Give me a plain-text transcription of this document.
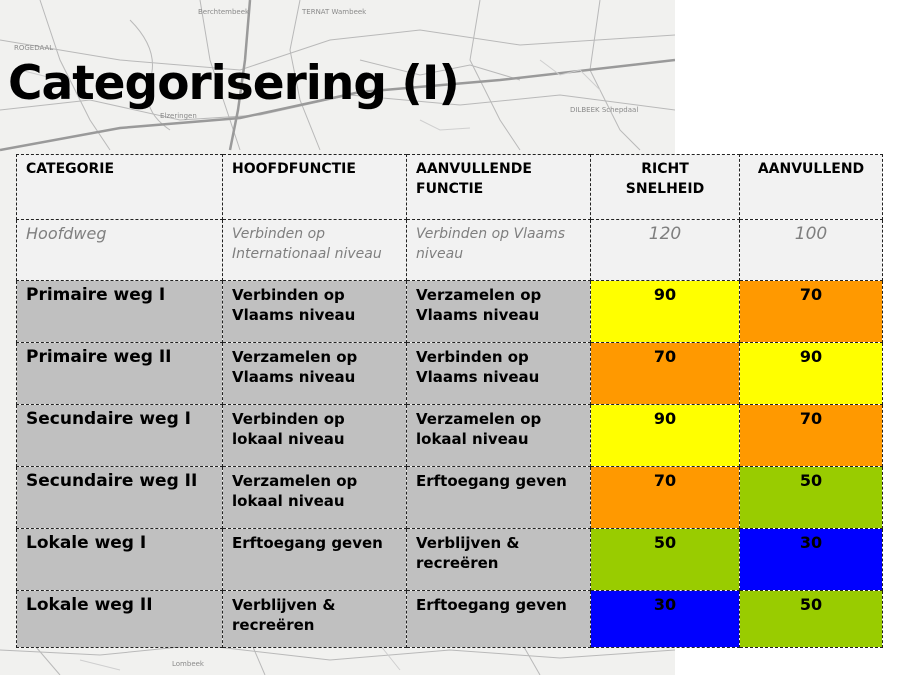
ROGEDAAL
Berchtembeek	TERNAT Wambeek
Elzeringen
DILBEEK Schepdaal
Lombeek
Categorisering (I)
CATEGORIE	HOOFDFUNCTIE	AANVULLENDE FUNCTIE	RICHT SNELHEID	AANVULLEND
Hoofdweg	Verbinden op Internationaal niveau	Verbinden op Vlaams niveau	120	100
Primaire weg I	Verbinden op Vlaams niveau	Verzamelen op Vlaams niveau	90	70
Primaire weg II	Verzamelen op Vlaams niveau	Verbinden op Vlaams niveau	70	90
Secundaire weg I	Verbinden op lokaal niveau	Verzamelen op lokaal niveau	90	70
Secundaire weg II	Verzamelen op lokaal niveau	Erftoegang geven	70	50
Lokale weg I	Erftoegang geven	Verblijven & recreëren	50	30
Lokale weg II	Verblijven & recreëren	Erftoegang geven	30	50
